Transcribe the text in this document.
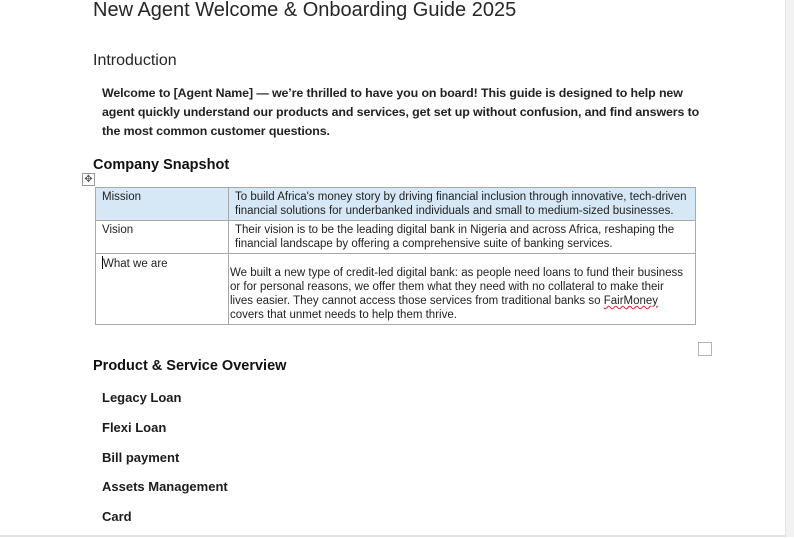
New Agent Welcome & Onboarding Guide 2025
Introduction
Welcome to [Agent Name] — we’re thrilled to have you on board! This guide is designed to help new agent quickly understand our products and services, get set up without confusion, and find answers to the most common customer questions.
Company Snapshot
✥
Mission	To build Africa's money story by driving financial inclusion through innovative, tech-driven financial solutions for underbanked individuals and small to medium-sized businesses.
Vision	Their vision is to be the leading digital bank in Nigeria and across Africa, reshaping the financial landscape by offering a comprehensive suite of banking services.
What we are	We built a new type of credit-led digital bank: as people need loans to fund their business or for personal reasons, we offer them what they need with no collateral to make their lives easier. They cannot access those services from traditional banks so FairMoney covers that unmet needs to help them thrive.
Product & Service Overview
Legacy Loan
Flexi Loan
Bill payment
Assets Management
Card
